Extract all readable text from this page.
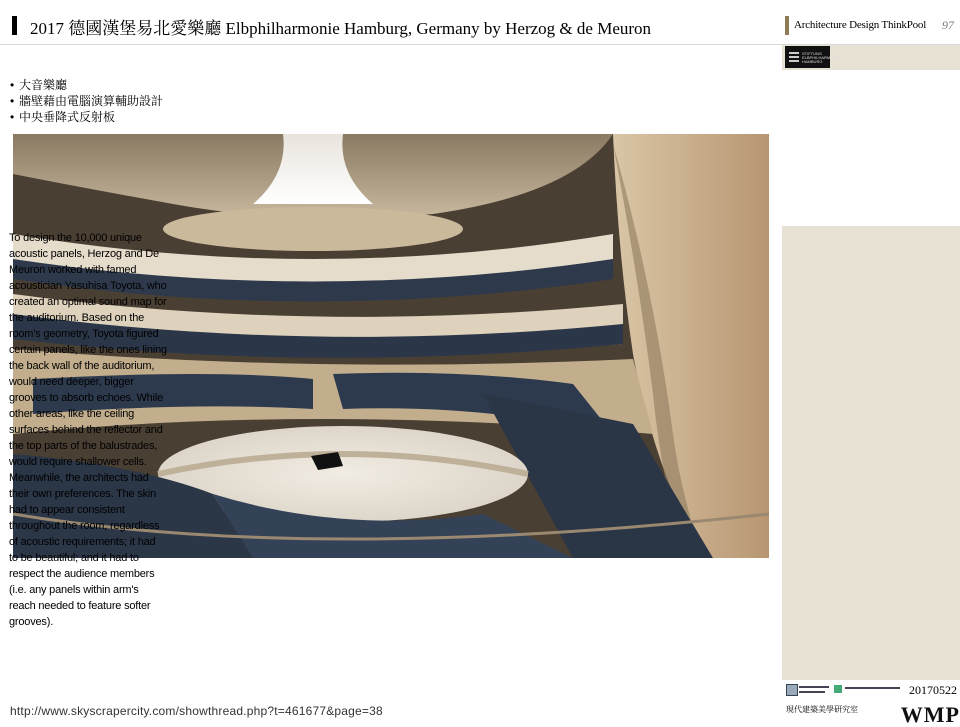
2017 德國漢堡易北愛樂廳 Elbphilharmonie Hamburg, Germany by Herzog & de Meuron
http://www.skyscrapercity.com/showthread.php?t=461677&page=38
Architecture Design ThinkPool 97
STIFTUNG ELBPHILHARMONIE HAMBURG
• 大音樂廳
• 牆壁藉由電腦演算輔助設計
• 中央垂降式反射板
To design the 10,000 unique acoustic panels, Herzog and De Meuron worked with famed acoustician Yasuhisa Toyota, who created an optimal sound map for the auditorium. Based on the room's geometry, Toyota figured certain panels, like the ones lining the back wall of the auditorium, would need deeper, bigger grooves to absorb echoes. While other areas, like the ceiling surfaces behind the reflector and the top parts of the balustrades, would require shallower cells. Meanwhile, the architects had their own preferences. The skin had to appear consistent throughout the room, regardless of acoustic requirements; it had to be beautiful; and it had to respect the audience members (i.e. any panels within arm's reach needed to feature softer grooves).
20170522
現代建築美學研究室 WMP
